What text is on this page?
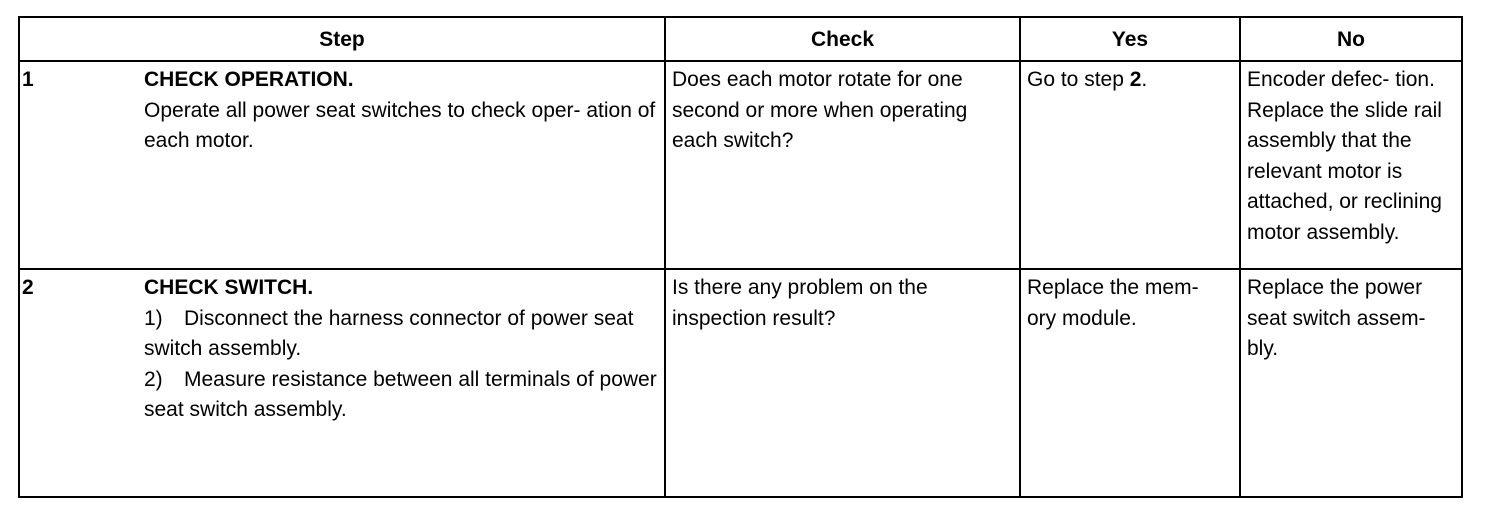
Step	Check	Yes	No

1 CHECK OPERATION.
Operate all power seat switches to check oper- ation of each motor.	Does each motor rotate for one second or more when operating each switch?	Go to step 2.	Encoder defec- tion. Replace the slide rail assembly that the relevant motor is attached, or reclining motor assembly.

2 CHECK SWITCH.
1) Disconnect the harness connector of power seat switch assembly.
2) Measure resistance between all terminals of power seat switch assembly.	Is there any problem on the inspection result?	Replace the mem- ory module.	Replace the power seat switch assem- bly.
